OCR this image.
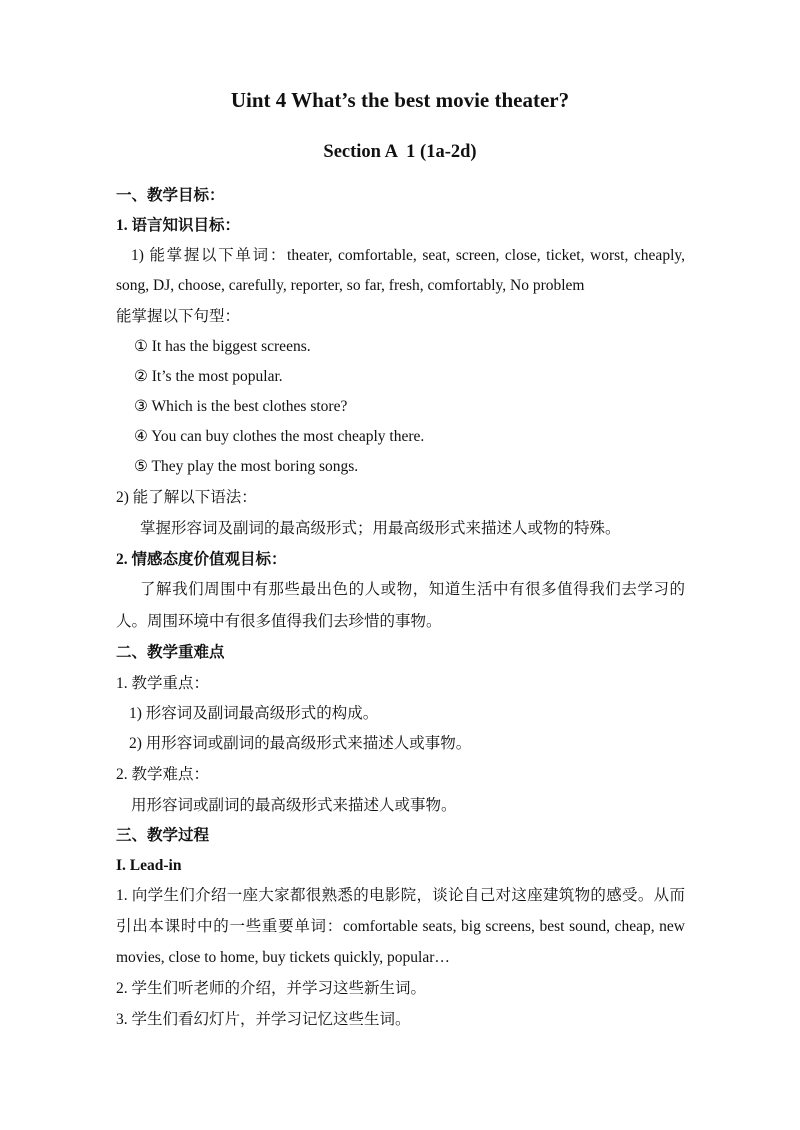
Uint 4 What’s the best movie theater?
Section A  1 (1a-2d)

一、教学目标：

1. 语言知识目标：

1) 能掌握以下单词：theater, comfortable, seat, screen, close, ticket, worst, cheaply,

song, DJ, choose, carefully, reporter, so far, fresh, comfortably, No problem

能掌握以下句型：

① It has the biggest screens.

② It’s the most popular.

③ Which is the best clothes store?

④ You can buy clothes the most cheaply there.

⑤ They play the most boring songs.

2) 能了解以下语法：

掌握形容词及副词的最高级形式；用最高级形式来描述人或物的特殊。

2. 情感态度价值观目标：

了解我们周围中有那些最出色的人或物，知道生活中有很多值得我们去学习的

人。周围环境中有很多值得我们去珍惜的事物。

二、教学重难点

1. 教学重点：

1) 形容词及副词最高级形式的构成。

2) 用形容词或副词的最高级形式来描述人或事物。

2. 教学难点：

用形容词或副词的最高级形式来描述人或事物。

三、教学过程

I. Lead-in

1. 向学生们介绍一座大家都很熟悉的电影院，谈论自己对这座建筑物的感受。从而

引出本课时中的一些重要单词：comfortable seats, big screens, best sound, cheap, new

movies, close to home, buy tickets quickly, popular…

2. 学生们听老师的介绍，并学习这些新生词。

3. 学生们看幻灯片，并学习记忆这些生词。
